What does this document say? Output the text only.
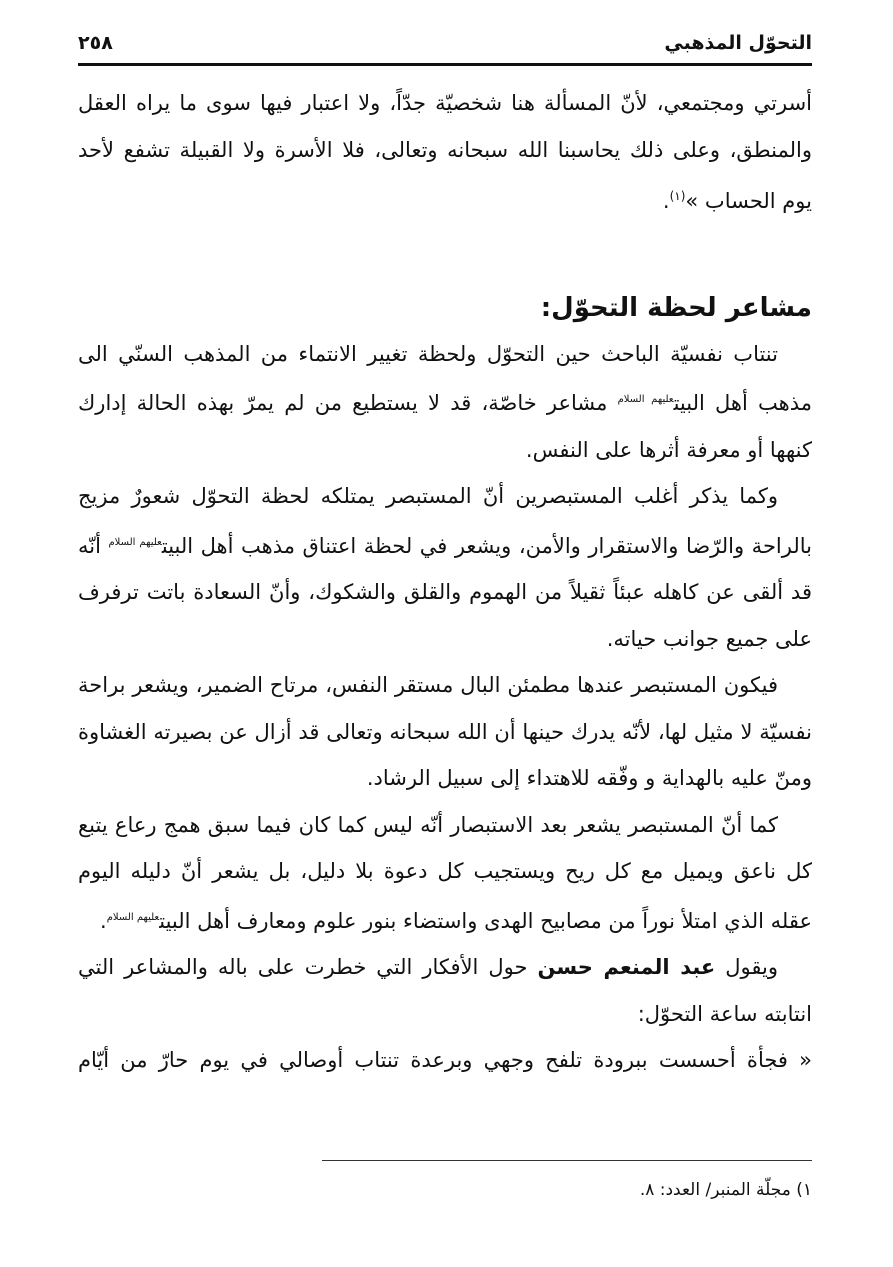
التحوّل المذهبي
٢٥٨
أسرتي ومجتمعي، لأنّ المسألة هنا شخصيّة جدّاً، ولا اعتبار فيها سوى ما يراه العقل
والمنطق، وعلى ذلك يحاسبنا الله سبحانه وتعالى، فلا الأسرة ولا القبيلة تشفع لأحد
يوم الحساب »$^{(١)}$.
مشاعر لحظة التحوّل:
تنتاب نفسيّة الباحث حين التحوّل ولحظة تغيير الانتماء من المذهب السنّي الى
مذهب أهل البيت$^{عليهم السلام}$ مشاعر خاصّة، قد لا يستطيع من لم يمرّ بهذه الحالة إدارك
كنهها أو معرفة أثرها على النفس.
وكما يذكر أغلب المستبصرين أنّ المستبصر يمتلكه لحظة التحوّل شعورٌ مزيج
بالراحة والرّضا والاستقرار والأمن، ويشعر في لحظة اعتناق مذهب أهل البيت$^{عليهم السلام}$ أنّه
قد ألقى عن كاهله عبئاً ثقيلاً من الهموم والقلق والشكوك، وأنّ السعادة باتت ترفرف
على جميع جوانب حياته.
فيكون المستبصر عندها مطمئن البال مستقر النفس، مرتاح الضمير، ويشعر براحة
نفسيّة لا مثيل لها، لأنّه يدرك حينها أن الله سبحانه وتعالى قد أزال عن بصيرته الغشاوة
ومنّ عليه بالهداية و وفّقه للاهتداء إلى سبيل الرشاد.
كما أنّ المستبصر يشعر بعد الاستبصار أنّه ليس كما كان فيما سبق همج رعاع يتبع
كل ناعق ويميل مع كل ريح ويستجيب كل دعوة بلا دليل، بل يشعر أنّ دليله اليوم
عقله الذي امتلأ نوراً من مصابيح الهدى واستضاء بنور علوم ومعارف أهل البيت$^{عليهم السلام}$.
ويقول عبد المنعم حسن حول الأفكار التي خطرت على باله والمشاعر التي
انتابته ساعة التحوّل:
« فجأة أحسست ببرودة تلفح وجهي وبرعدة تنتاب أوصالي في يوم حارّ من أيّام
١) مجلّة المنبر/ العدد: ٨.
